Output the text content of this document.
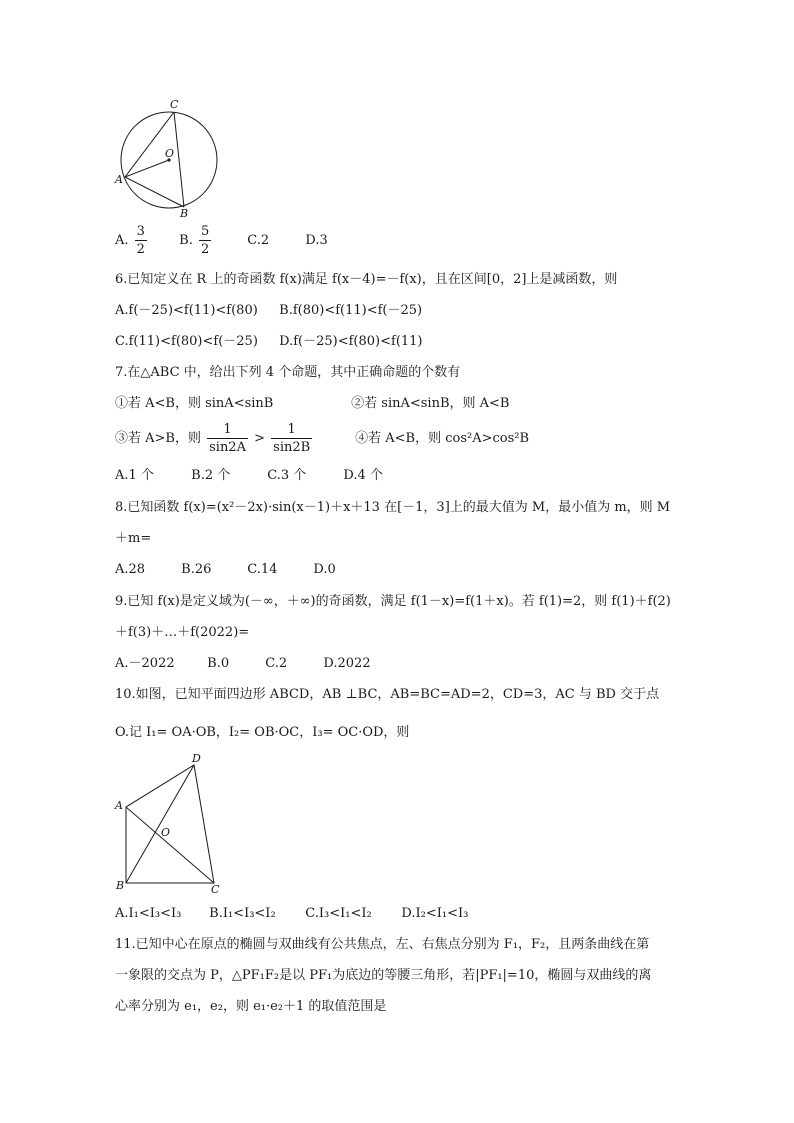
C
O
A
B
A. $\frac{3}{2} B$. $\frac{5}{2}$	C.2	D.3
6.已知定义在 R 上的奇函数 f(x)满足 f(x－4)=－f(x)，且在区间[0，2]上是减函数，则
A.f(－25)<f(11)<f(80) B.f(80)<f(11)<f(－25)
C.f(11)<f(80)<f(－25) D.f(－25)<f(80)<f(11)
7.在△ABC 中，给出下列 4 个命题，其中正确命题的个数有
①若 A<B，则 sinA<sinB	②若 sinA<sinB，则 A<B
③若 A>B，则 $\frac{1}{\sin 2A} > \frac{1}{\sin 2B}$	④若 A<B，则 cos²A>cos²B
A.1 个	B.2 个	C.3 个	D.4 个
8.已知函数 f(x)=(x²－2x)·sin(x－1)＋x＋13 在[－1，3]上的最大值为 M，最小值为 m，则 M
＋m=
A.28	B.26	C.14	D.0
9.已知 f(x)是定义域为(－∞，＋∞)的奇函数，满足 f(1－x)=f(1＋x)。若 f(1)=2，则 f(1)＋f(2)
＋f(3)＋…＋f(2022)=
A.－2022	B.0	C.2	D.2022
10.如图，已知平面四边形 ABCD，AB ⊥BC，AB=BC=AD=2，CD=3，AC 与 BD 交于点
O.记 I₁= OA·OB，I₂= OB·OC，I₃= OC·OD，则
D
A
O
B	C
A.I₁<I₃<I₃ B.I₁<I₃<I₂ C.I₃<I₁<I₂ D.I₂<I₁<I₃
11.已知中心在原点的椭圆与双曲线有公共焦点，左、右焦点分别为 F₁，F₂，且两条曲线在第
一象限的交点为 P，△PF₁F₂是以 PF₁为底边的等腰三角形，若|PF₁|=10，椭圆与双曲线的离
心率分别为 e₁，e₂，则 e₁·e₂＋1 的取值范围是
